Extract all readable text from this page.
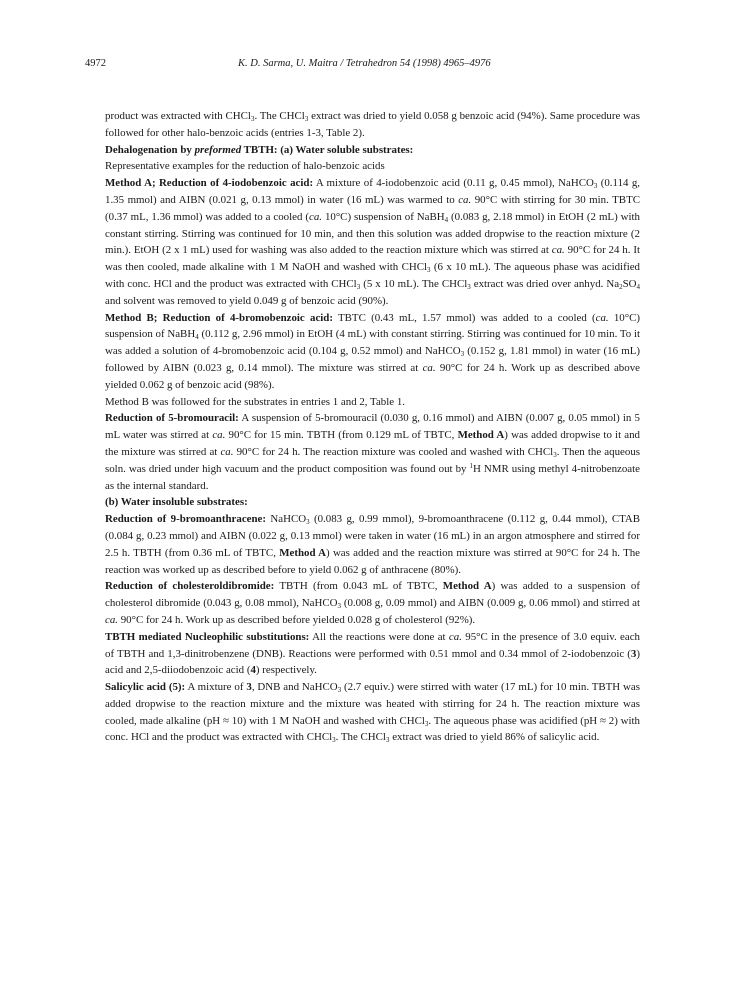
4972	K. D. Sarma, U. Maitra / Tetrahedron 54 (1998) 4965–4976

product was extracted with CHCl$_3$. The CHCl$_3$ extract was dried to yield 0.058 g benzoic acid (94%). Same procedure was followed for other halo-benzoic acids (entries 1-3, Table 2).

Dehalogenation by preformed TBTH: (a) Water soluble substrates:

Representative examples for the reduction of halo-benzoic acids

Method A; Reduction of 4-iodobenzoic acid: A mixture of 4-iodobenzoic acid (0.11 g, 0.45 mmol), NaHCO$_3$ (0.114 g, 1.35 mmol) and AIBN (0.021 g, 0.13 mmol) in water (16 mL) was warmed to ca. 90°C with stirring for 30 min. TBTC (0.37 mL, 1.36 mmol) was added to a cooled (ca. 10°C) suspension of NaBH$_4$ (0.083 g, 2.18 mmol) in EtOH (2 mL) with constant stirring. Stirring was continued for 10 min, and then this solution was added dropwise to the reaction mixture (2 min.). EtOH (2 x 1 mL) used for washing was also added to the reaction mixture which was stirred at ca. 90°C for 24 h. It was then cooled, made alkaline with 1 M NaOH and washed with CHCl$_3$ (6 x 10 mL). The aqueous phase was acidified with conc. HCl and the product was extracted with CHCl$_3$ (5 x 10 mL). The CHCl$_3$ extract was dried over anhyd. $Na_2SO_4$ and solvent was removed to yield 0.049 g of benzoic acid (90%).

Method B; Reduction of 4-bromobenzoic acid: TBTC (0.43 mL, 1.57 mmol) was added to a cooled (ca. 10°C) suspension of NaBH$_4$ (0.112 g, 2.96 mmol) in EtOH (4 mL) with constant stirring. Stirring was continued for 10 min. To it was added a solution of 4-bromobenzoic acid (0.104 g, 0.52 mmol) and NaHCO$_3$ (0.152 g, 1.81 mmol) in water (16 mL) followed by AIBN (0.023 g, 0.14 mmol). The mixture was stirred at ca. 90°C for 24 h. Work up as described above yielded 0.062 g of benzoic acid (98%).

Method B was followed for the substrates in entries 1 and 2, Table 1.

Reduction of 5-bromouracil: A suspension of 5-bromouracil (0.030 g, 0.16 mmol) and AIBN (0.007 g, 0.05 mmol) in 5 mL water was stirred at ca. 90°C for 15 min. TBTH (from 0.129 mL of TBTC, Method A) was added dropwise to it and the mixture was stirred at ca. 90°C for 24 h. The reaction mixture was cooled and washed with CHCl$_3$. Then the aqueous soln. was dried under high vacuum and the product composition was found out by $^1$H NMR using methyl 4-nitrobenzoate as the internal standard.

(b) Water insoluble substrates:

Reduction of 9-bromoanthracene: NaHCO$_3$ (0.083 g, 0.99 mmol), 9-bromoanthracene (0.112 g, 0.44 mmol), CTAB (0.084 g, 0.23 mmol) and AIBN (0.022 g, 0.13 mmol) were taken in water (16 mL) in an argon atmosphere and stirred for 2.5 h. TBTH (from 0.36 mL of TBTC, Method A) was added and the reaction mixture was stirred at 90°C for 24 h. The reaction was worked up as described before to yield 0.062 g of anthracene (80%).

Reduction of cholesteroldibromide: TBTH (from 0.043 mL of TBTC, Method A) was added to a suspension of cholesterol dibromide (0.043 g, 0.08 mmol), NaHCO$_3$ (0.008 g, 0.09 mmol) and AIBN (0.009 g, 0.06 mmol) and stirred at ca. 90°C for 24 h. Work up as described before yielded 0.028 g of cholesterol (92%).

TBTH mediated Nucleophilic substitutions: All the reactions were done at ca. 95°C in the presence of 3.0 equiv. each of TBTH and 1,3-dinitrobenzene (DNB). Reactions were performed with 0.51 mmol and 0.34 mmol of 2-iodobenzoic (3) acid and 2,5-diiodobenzoic acid (4) respectively.

Salicylic acid (5): A mixture of 3, DNB and NaHCO$_3$ (2.7 equiv.) were stirred with water (17 mL) for 10 min. TBTH was added dropwise to the reaction mixture and the mixture was heated with stirring for 24 h. The reaction mixture was cooled, made alkaline (pH ≈ 10) with 1 M NaOH and washed with CHCl$_3$. The aqueous phase was acidified (pH ≈ 2) with conc. HCl and the product was extracted with CHCl$_3$. The CHCl$_3$ extract was dried to yield 86% of salicylic acid.
